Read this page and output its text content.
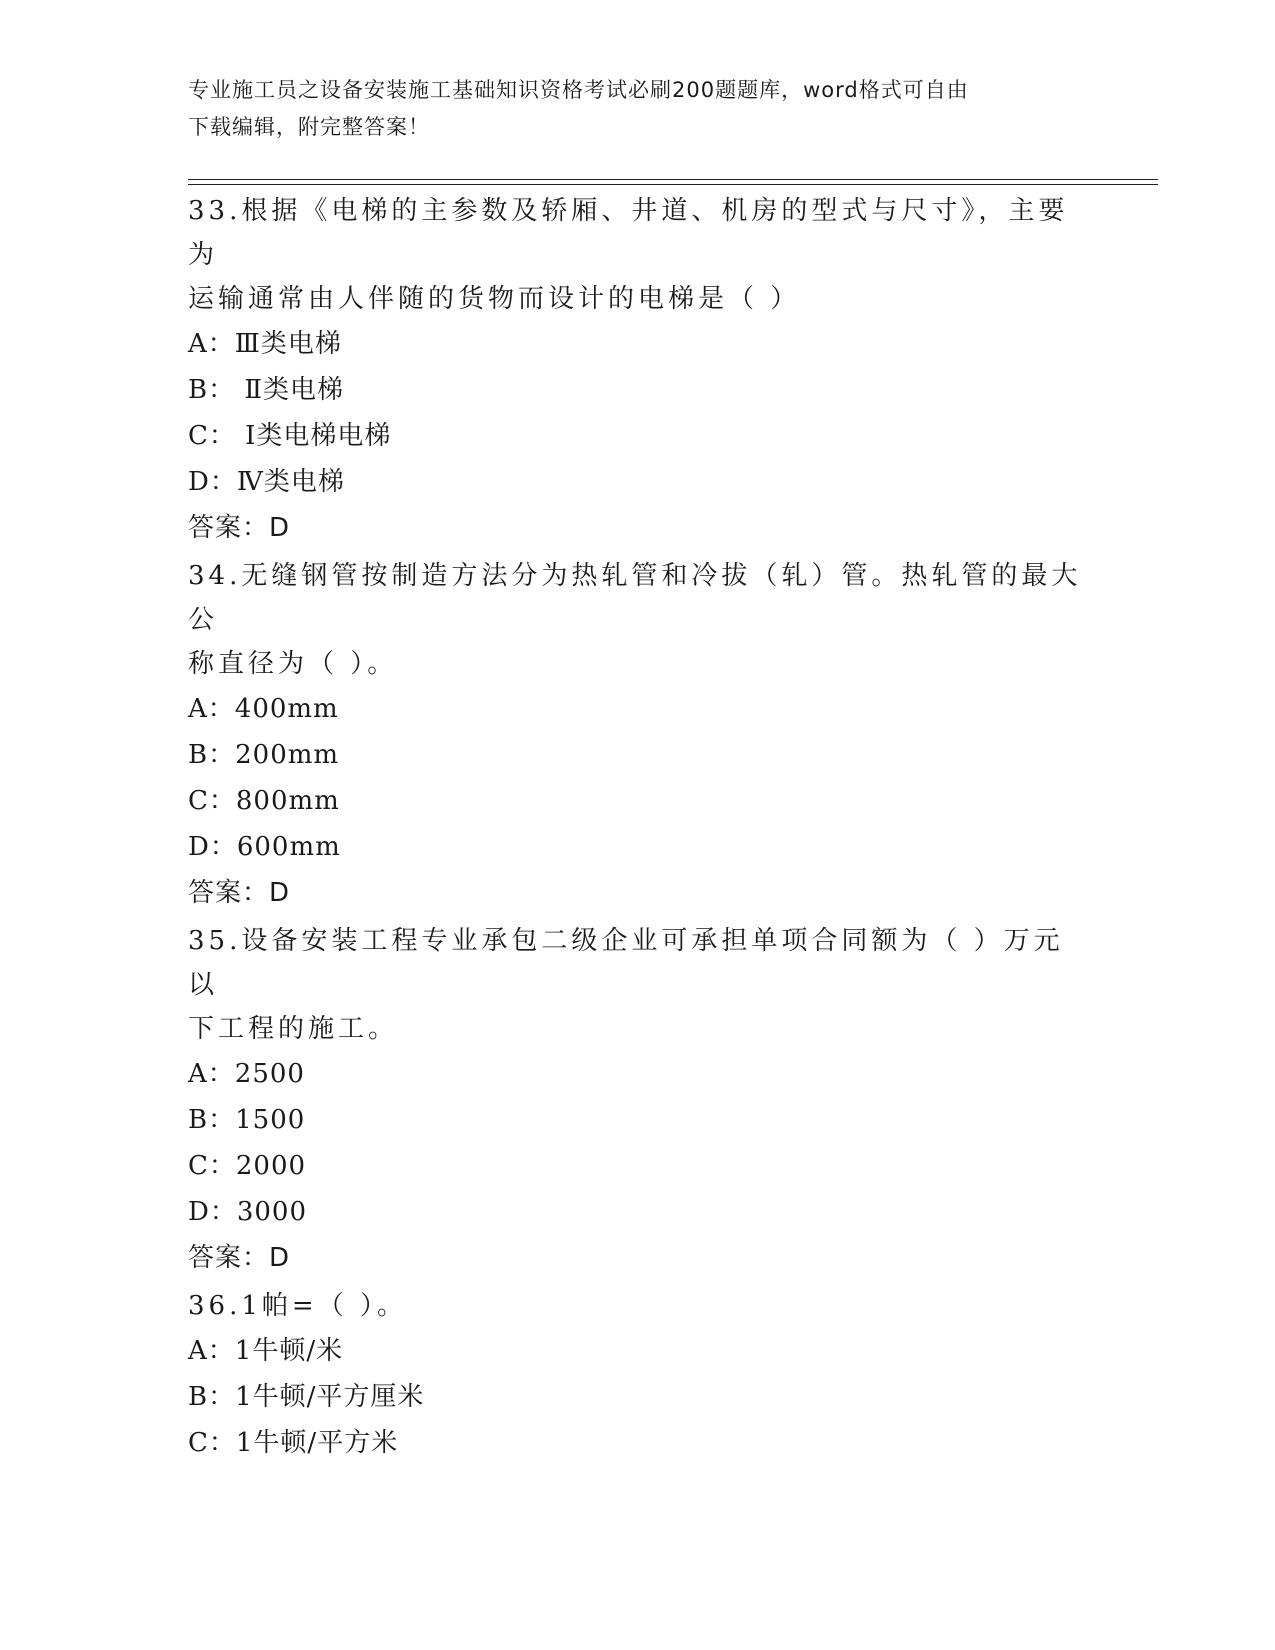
专业施工员之设备安装施工基础知识资格考试必刷200题题库，word格式可自由
下载编辑，附完整答案！

33.根据《电梯的主参数及轿厢、井道、机房的型式与尺寸》，主要为

运输通常由人伴随的货物而设计的电梯是（ ）

A：Ⅲ类电梯

B： Ⅱ类电梯

C： Ⅰ类电梯电梯

D：Ⅳ类电梯

答案：D

34.无缝钢管按制造方法分为热轧管和冷拔（轧）管。热轧管的最大公

称直径为（ ）。

A：400mm

B：200mm

C：800mm

D：600mm

答案：D

35.设备安装工程专业承包二级企业可承担单项合同额为（ ）万元以

下工程的施工。

A：2500

B：1500

C：2000

D：3000

答案：D

36.1帕=（ ）。

A：1牛顿/米

B：1牛顿/平方厘米

C：1牛顿/平方米
